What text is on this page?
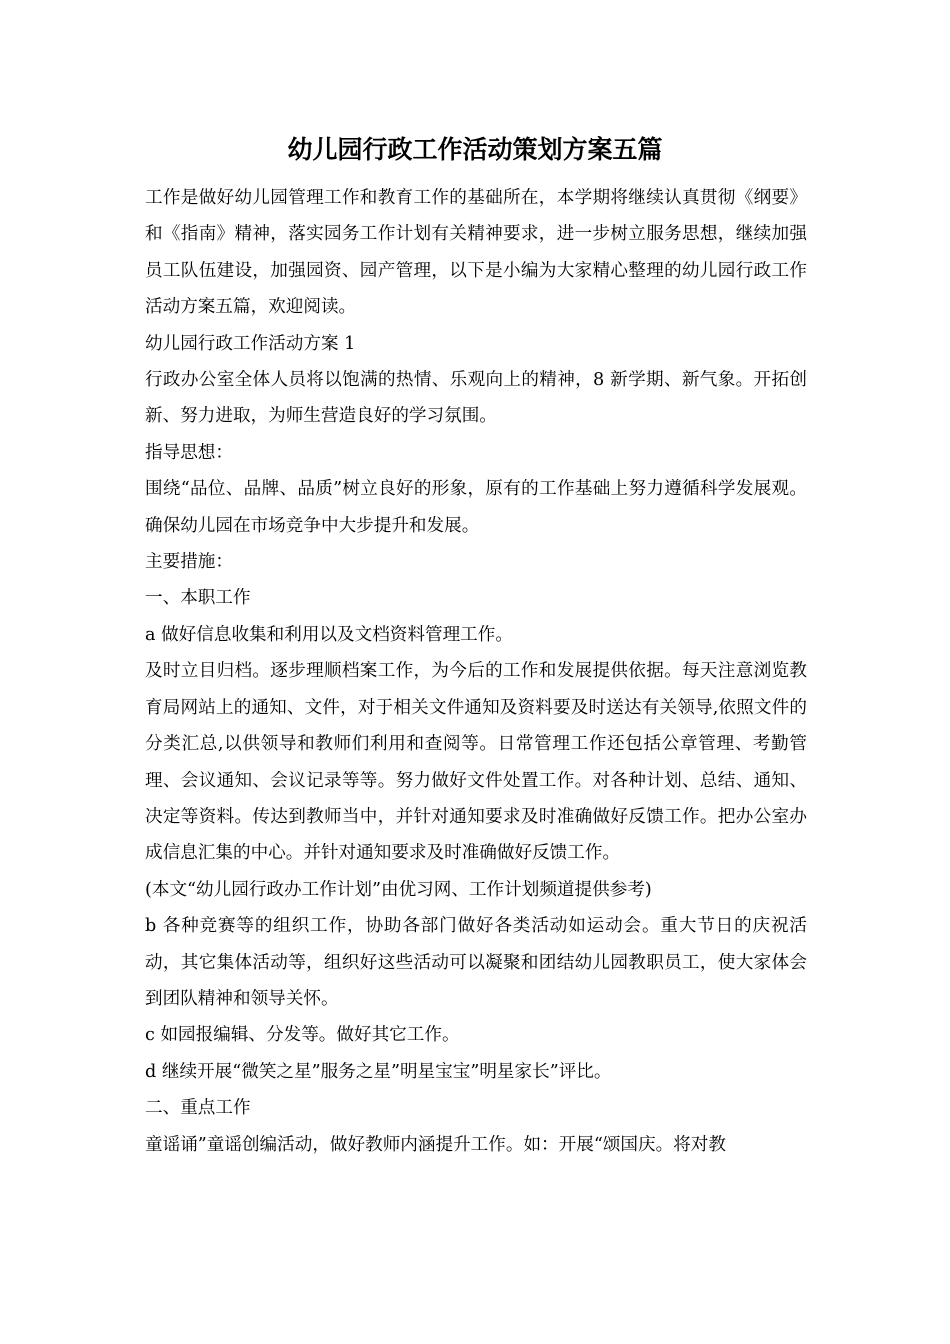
幼儿园行政工作活动策划方案五篇

工作是做好幼儿园管理工作和教育工作的基础所在，本学期将继续认真贯彻《纲要》和《指南》精神，落实园务工作计划有关精神要求，进一步树立服务思想，继续加强员工队伍建设，加强园资、园产管理，以下是小编为大家精心整理的幼儿园行政工作活动方案五篇，欢迎阅读。

幼儿园行政工作活动方案 1

行政办公室全体人员将以饱满的热情、乐观向上的精神，8 新学期、新气象。开拓创新、努力进取，为师生营造良好的学习氛围。

指导思想：

围绕“品位、品牌、品质”树立良好的形象，原有的工作基础上努力遵循科学发展观。确保幼儿园在市场竞争中大步提升和发展。

主要措施：

一、本职工作

a 做好信息收集和利用以及文档资料管理工作。

及时立目归档。逐步理顺档案工作，为今后的工作和发展提供依据。每天注意浏览教育局网站上的通知、文件，对于相关文件通知及资料要及时送达有关领导,依照文件的分类汇总,以供领导和教师们利用和查阅等。日常管理工作还包括公章管理、考勤管理、会议通知、会议记录等等。努力做好文件处置工作。对各种计划、总结、通知、决定等资料。传达到教师当中，并针对通知要求及时准确做好反馈工作。把办公室办成信息汇集的中心。并针对通知要求及时准确做好反馈工作。

(本文“幼儿园行政办工作计划”由优习网、工作计划频道提供参考)

b 各种竞赛等的组织工作，协助各部门做好各类活动如运动会。重大节日的庆祝活动，其它集体活动等，组织好这些活动可以凝聚和团结幼儿园教职员工，使大家体会到团队精神和领导关怀。

c 如园报编辑、分发等。做好其它工作。

d 继续开展“微笑之星”服务之星”明星宝宝”明星家长”评比。

二、重点工作

童谣诵”童谣创编活动，做好教师内涵提升工作。如：开展“颂国庆。将对教
